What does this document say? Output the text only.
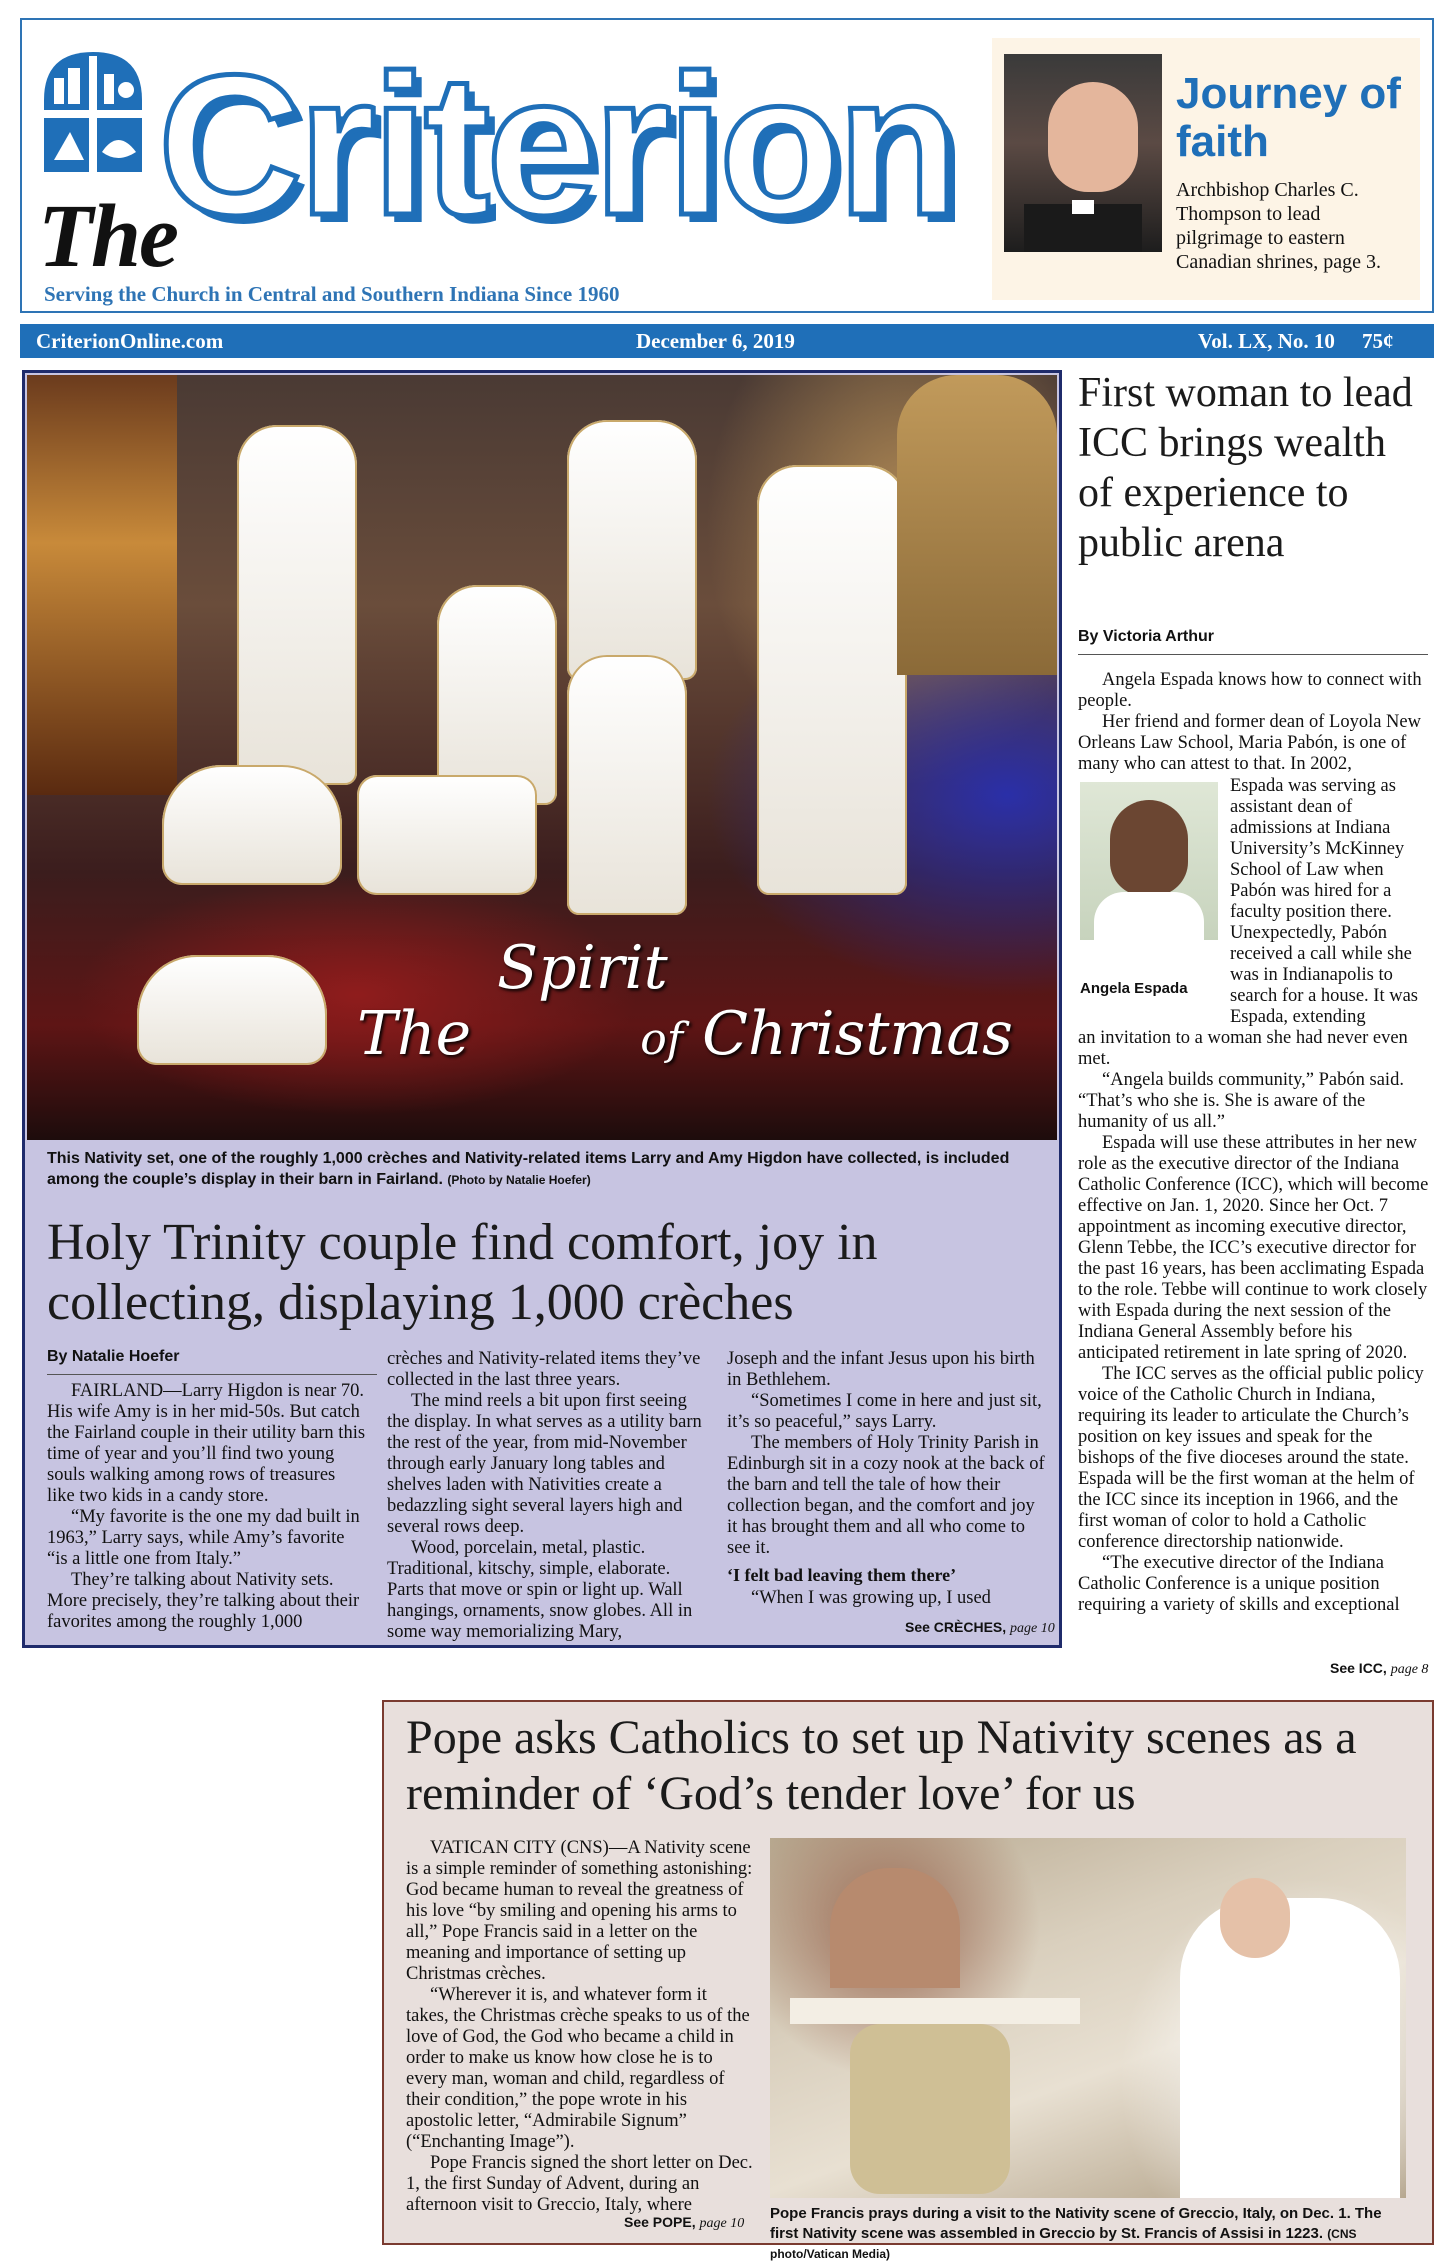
Criterion
The
Serving the Church in Central and Southern Indiana Since 1960
Journey of faith
Archbishop Charles C. Thompson to lead pilgrimage to eastern Canadian shrines, page 3.
CriterionOnline.com	December 6, 2019	Vol. LX, No. 10 75¢
Spirit
The	of Christmas
This Nativity set, one of the roughly 1,000 crèches and Nativity-related items Larry and Amy Higdon have collected, is included among the couple’s display in their barn in Fairland. (Photo by Natalie Hoefer)
Holy Trinity couple find comfort, joy in collecting, displaying 1,000 crèches
By Natalie Hoefer

FAIRLAND—Larry Higdon is near 70. His wife Amy is in her mid-50s. But catch the Fairland couple in their utility barn this time of year and you’ll find two young souls walking among rows of treasures like two kids in a candy store.

“My favorite is the one my dad built in 1963,” Larry says, while Amy’s favorite “is a little one from Italy.”

They’re talking about Nativity sets. More precisely, they’re talking about their favorites among the roughly 1,000

crèches and Nativity-related items they’ve collected in the last three years.

The mind reels a bit upon first seeing the display. In what serves as a utility barn the rest of the year, from mid-November through early January long tables and shelves laden with Nativities create a bedazzling sight several layers high and several rows deep.

Wood, porcelain, metal, plastic. Traditional, kitschy, simple, elaborate. Parts that move or spin or light up. Wall hangings, ornaments, snow globes. All in some way memorializing Mary,

Joseph and the infant Jesus upon his birth in Bethlehem.

“Sometimes I come in here and just sit, it’s so peaceful,” says Larry.

The members of Holy Trinity Parish in Edinburgh sit in a cozy nook at the back of the barn and tell the tale of how their collection began, and the comfort and joy it has brought them and all who come to see it.

‘I felt bad leaving them there’

“When I was growing up, I used

See CRÈCHES, page 10
First woman to lead ICC brings wealth of experience to public arena
By Victoria Arthur

Angela Espada knows how to connect with people.

Her friend and former dean of Loyola New Orleans Law School, Maria Pabón, is one of many who can attest to that. In 2002,

Angela Espada

Espada was serving as assistant dean of admissions at Indiana University’s McKinney School of Law when Pabón was hired for a faculty position there. Unexpectedly, Pabón received a call while she was in Indianapolis to search for a house. It was Espada, extending

an invitation to a woman she had never even met.

“Angela builds community,” Pabón said. “That’s who she is. She is aware of the humanity of us all.”

Espada will use these attributes in her new role as the executive director of the Indiana Catholic Conference (ICC), which will become effective on Jan. 1, 2020. Since her Oct. 7 appointment as incoming executive director, Glenn Tebbe, the ICC’s executive director for the past 16 years, has been acclimating Espada to the role. Tebbe will continue to work closely with Espada during the next session of the Indiana General Assembly before his anticipated retirement in late spring of 2020.

The ICC serves as the official public policy voice of the Catholic Church in Indiana, requiring its leader to articulate the Church’s position on key issues and speak for the bishops of the five dioceses around the state. Espada will be the first woman at the helm of the ICC since its inception in 1966, and the first woman of color to hold a Catholic conference directorship nationwide.

“The executive director of the Indiana Catholic Conference is a unique position requiring a variety of skills and exceptional

See ICC, page 8
Pope asks Catholics to set up Nativity scenes as a reminder of ‘God’s tender love’ for us

VATICAN CITY (CNS)—A Nativity scene is a simple reminder of something astonishing: God became human to reveal the greatness of his love “by smiling and opening his arms to all,” Pope Francis said in a letter on the meaning and importance of setting up Christmas crèches.

“Wherever it is, and whatever form it takes, the Christmas crèche speaks to us of the love of God, the God who became a child in order to make us know how close he is to every man, woman and child, regardless of their condition,” the pope wrote in his apostolic letter, “Admirabile Signum” (“Enchanting Image”).

Pope Francis signed the short letter on Dec. 1, the first Sunday of Advent, during an afternoon visit to Greccio, Italy, where

See POPE, page 10
Pope Francis prays during a visit to the Nativity scene of Greccio, Italy, on Dec. 1. The first Nativity scene was assembled in Greccio by St. Francis of Assisi in 1223. (CNS photo/Vatican Media)
